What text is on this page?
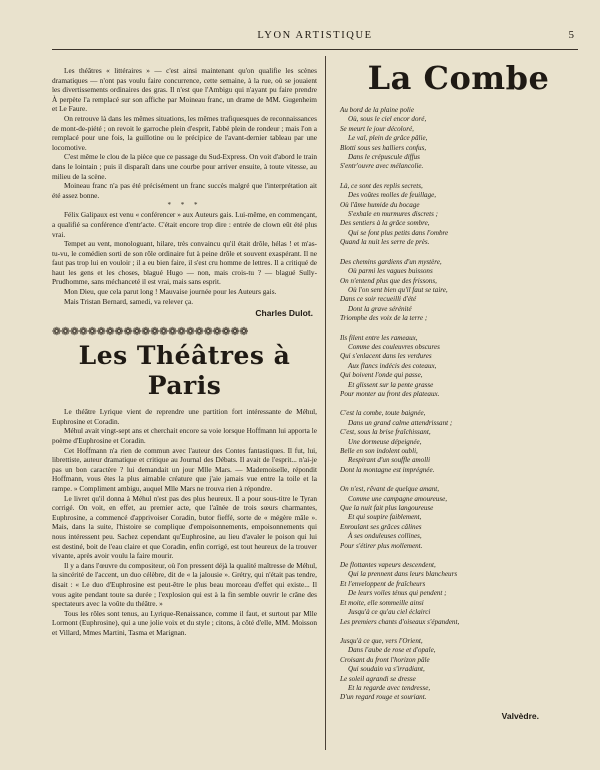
LYON ARTISTIQUE	5

Les théâtres « littéraires » — c'est ainsi maintenant qu'on qualifie les scènes dramatiques — n'ont pas voulu faire concurrence, cette semaine, à la rue, où se jouaient les divertissements ordinaires des gras. Il n'est que l'Ambigu qui n'ayant pu faire prendre À perpète l'a remplacé sur son affiche par Moineau franc, un drame de MM. Gugenheim et Le Faure.

On retrouve là dans les mêmes situations, les mêmes trafiquesques de reconnaissances de mont-de-piété ; on revoit le garroche plein d'esprit, l'abbé plein de rondeur ; mais l'on a remplacé pour une fois, la guillotine ou le précipice de l'avant-dernier tableau par une locomotive.

C'est même le clou de la pièce que ce passage du Sud-Express. On voit d'abord le train dans le lointain ; puis il disparaît dans une courbe pour arriver ensuite, à toute vitesse, au milieu de la scène.

Moineau franc n'a pas été précisément un franc succès malgré que l'interprétation ait été assez bonne.

* * *

Félix Galipaux est venu « conférencer » aux Auteurs gais. Lui-même, en commençant, a qualifié sa conférence d'entr'acte. C'était encore trop dire : entrée de clown eût été plus vrai.

Tempet au vent, monologuant, hilare, très convaincu qu'il était drôle, hélas ! et m'as-tu-vu, le comédien sorti de son rôle ordinaire fut à peine drôle et souvent exaspérant. Il ne faut pas trop lui en vouloir ; il a eu bien faire, il s'est cru homme de lettres. Il a critiqué de haut les gens et les choses, blagué Hugo — non, mais crois-tu ? — blagué Sully-Prudhomme, sans méchanceté il est vrai, mais sans esprit.

Mon Dieu, que cela parut long ! Mauvaise journée pour les Auteurs gais.

Mais Tristan Bernard, samedi, va relever ça.

Charles Dulot.
❁❁❁❁❁❁❁❁❁❁❁❁❁❁❁❁❁❁❁❁❁❁
Les Théâtres à Paris

Le théâtre Lyrique vient de reprendre une partition fort intéressante de Méhul, Euphrosine et Coradin.

Méhul avait vingt-sept ans et cherchait encore sa voie lorsque Hoffmann lui apporta le poème d'Euphrosine et Coradin.

Cet Hoffmann n'a rien de commun avec l'auteur des Contes fantastiques. Il fut, lui, librettiste, auteur dramatique et critique au Journal des Débats. Il avait de l'esprit... n'ai-je pas un bon caractère ? lui demandait un jour Mlle Mars. — Mademoiselle, répondit Hoffmann, vous êtes la plus aimable créature que j'aie jamais vue entre la toile et la rampe. » Compliment ambigu, auquel Mlle Mars ne trouva rien à répondre.

Le livret qu'il donna à Méhul n'est pas des plus heureux. Il a pour sous-titre le Tyran corrigé. On voit, en effet, au premier acte, que l'aînée de trois sœurs charmantes, Euphrosine, a commencé d'apprivoiser Coradin, butor fieffé, sorte de « mégère mâle ». Mais, dans la suite, l'histoire se complique d'empoisonnements, empoisonnements qui nous intéressent peu. Sachez cependant qu'Euphrosine, au lieu d'avaler le poison qui lui est destiné, boit de l'eau claire et que Coradin, enfin corrigé, est tout heureux de la trouver vivante, après avoir voulu la faire mourir.

Il y a dans l'œuvre du compositeur, où l'on pressent déjà la qualité maîtresse de Méhul, la sincérité de l'accent, un duo célèbre, dit de « la jalousie ». Grétry, qui n'était pas tendre, disait : « Le duo d'Euphrosine est peut-être le plus beau morceau d'effet qui existe... Il vous agite pendant toute sa durée ; l'explosion qui est à la fin semble ouvrir le crâne des spectateurs avec la voûte du théâtre. »

Tous les rôles sont tenus, au Lyrique-Renaissance, comme il faut, et surtout par Mlle Lormont (Euphrosine), qui a une jolie voix et du style ; citons, à côté d'elle, MM. Moisson et Villard, Mmes Martini, Tasma et Marignan.

La Combe
Au bord de la plaine polie
Où, sous le ciel encor doré,
Se meurt le jour décoloré,
Le val, plein de grâce pâlie,
Blotti sous ses halliers confus,
Dans le crépuscule diffus
S'entr'ouvre avec mélancolie.
Là, ce sont des replis secrets,
Des voûtes molles de feuillage,
Où l'âme humide du bocage
S'exhale en murmures discrets ;
Des sentiers à la grâce sombre,
Qui se font plus petits dans l'ombre
Quand la nuit les serre de près.
Des chemins gardiens d'un mystère,
Où parmi les vagues buissons
On n'entend plus que des frissons,
Où l'on sent bien qu'il faut se taire,
Dans ce soir recueilli d'été
Dont la grave sérénité
Triomphe des voix de la terre ;
Ils filent entre les rameaux,
Comme des couleuvres obscures
Qui s'enlacent dans les verdures
Aux flancs indécis des coteaux,
Qui boivent l'onde qui passe,
Et glissent sur la pente grasse
Pour monter au front des plateaux.
C'est la combe, toute baignée,
Dans un grand calme attendrissant ;
C'est, sous la brise fraîchissant,
Une dormeuse dépeignée,
Belle en son indolent oubli,
Respirant d'un souffle amolli
Dont la montagne est imprégnée.
On n'est, rêvant de quelque amant,
Comme une campagne amoureuse,
Que la nuit fait plus langoureuse
Et qui soupire faiblement,
Enroulant ses grâces câlines
À ses onduleuses collines,
Pour s'étirer plus mollement.
De flottantes vapeurs descendent,
Qui la prennent dans leurs blancheurs
Et l'enveloppent de fraîcheurs
De leurs voiles ténus qui pendent ;
Et moite, elle sommeille ainsi
Jusqu'à ce qu'au ciel éclairci
Les premiers chants d'oiseaux s'épandent,
Jusqu'à ce que, vers l'Orient,
Dans l'aube de rose et d'opale,
Croisant du front l'horizon pâle
Qui soudain va s'irradiant,
Le soleil agrandi se dresse
Et la regarde avec tendresse,
D'un regard rouge et souriant.
Valvèdre.
